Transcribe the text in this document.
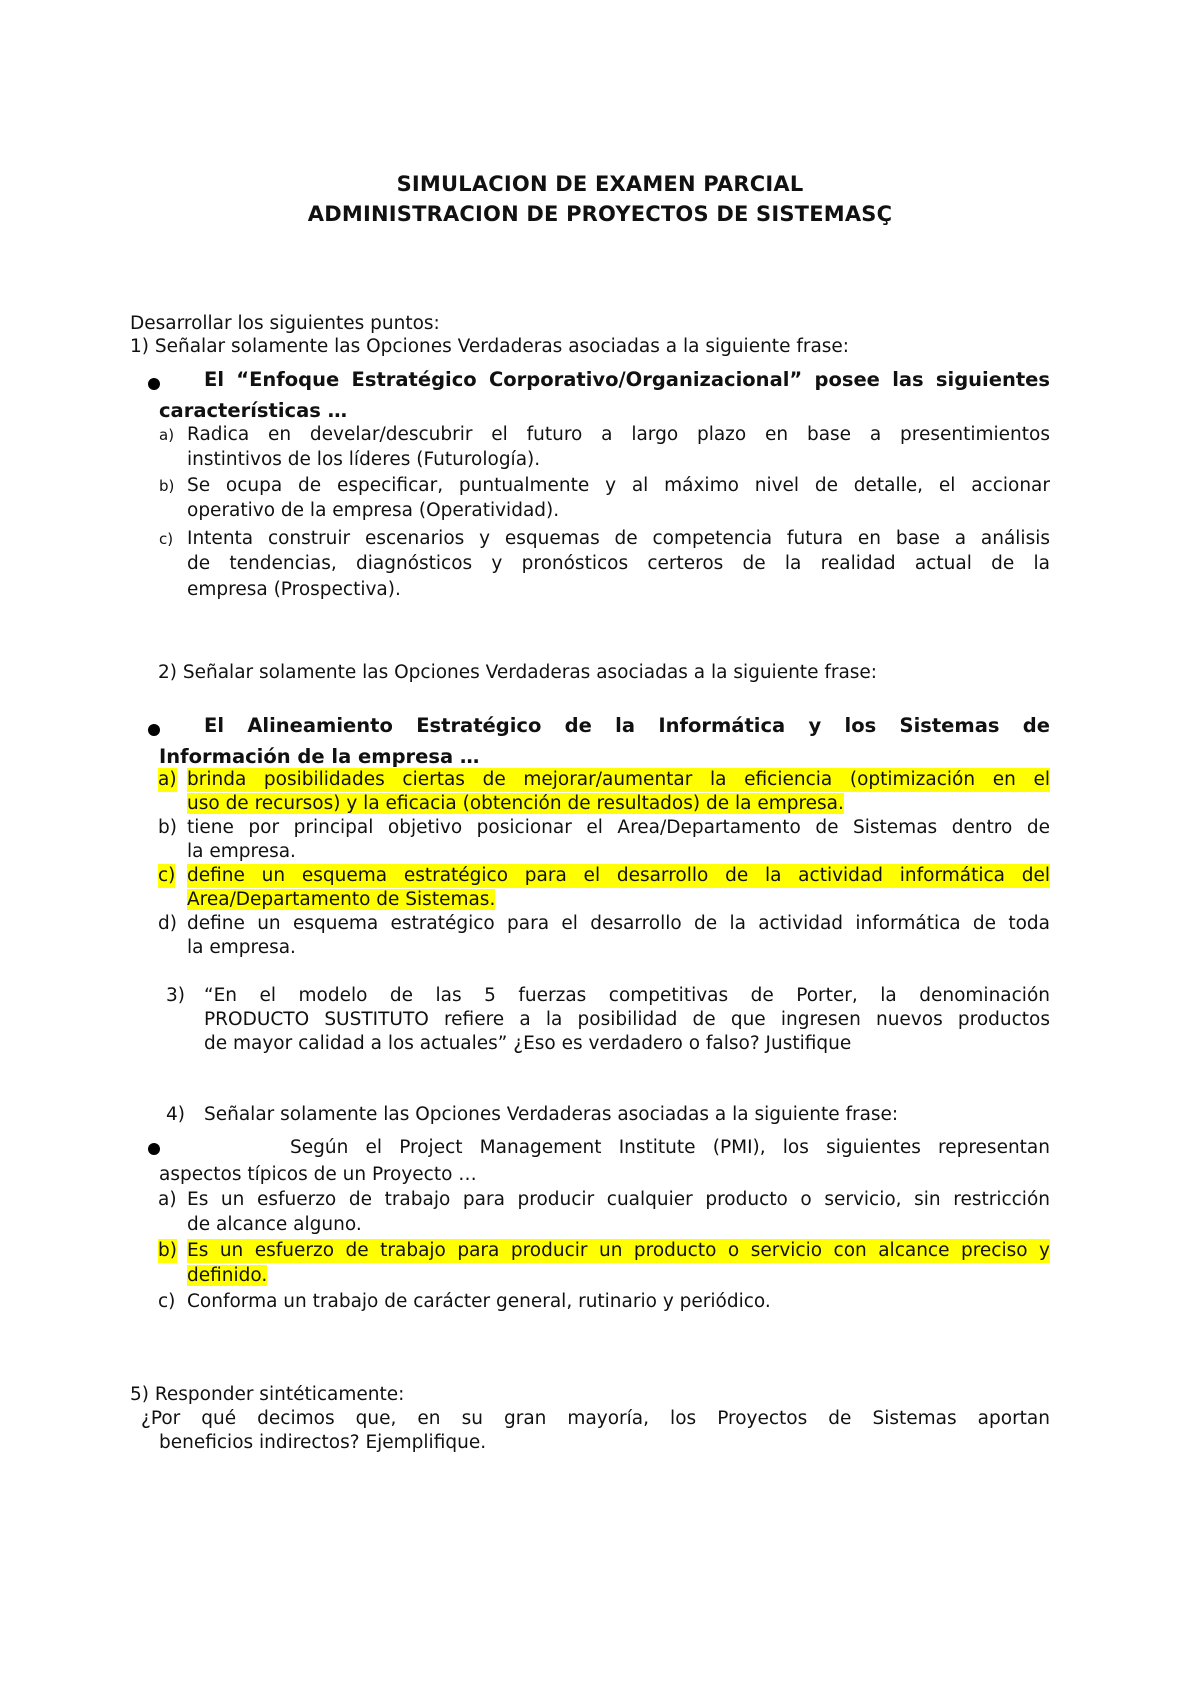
SIMULACION DE EXAMEN PARCIAL
ADMINISTRACION DE PROYECTOS DE SISTEMASÇ
Desarrollar los siguientes puntos:
1) Señalar solamente las Opciones Verdaderas asociadas a la siguiente frase:
El “Enfoque Estratégico Corporativo/Organizacional” posee las siguientes
características …
a) Radica en develar/descubrir el futuro a largo plazo en base a presentimientos
instintivos de los líderes (Futurología).
b) Se ocupa de especificar, puntualmente y al máximo nivel de detalle, el accionar
operativo de la empresa (Operatividad).
c) Intenta construir escenarios y esquemas de competencia futura en base a análisis
de tendencias, diagnósticos y pronósticos certeros de la realidad actual de la
empresa (Prospectiva).
2) Señalar solamente las Opciones Verdaderas asociadas a la siguiente frase:
El Alineamiento Estratégico de la Informática y los Sistemas de
Información de la empresa …
a) brinda posibilidades ciertas de mejorar/aumentar la eficiencia (optimización en el
uso de recursos) y la eficacia (obtención de resultados) de la empresa.
b) tiene por principal objetivo posicionar el Area/Departamento de Sistemas dentro de
la empresa.
c) define un esquema estratégico para el desarrollo de la actividad informática del
Area/Departamento de Sistemas.
d) define un esquema estratégico para el desarrollo de la actividad informática de toda
la empresa.
3) “En el modelo de las 5 fuerzas competitivas de Porter, la denominación
PRODUCTO SUSTITUTO refiere a la posibilidad de que ingresen nuevos productos
de mayor calidad a los actuales” ¿Eso es verdadero o falso? Justifique
4) Señalar solamente las Opciones Verdaderas asociadas a la siguiente frase:
Según el Project Management Institute (PMI), los siguientes representan
aspectos típicos de un Proyecto …
a) Es un esfuerzo de trabajo para producir cualquier producto o servicio, sin restricción
de alcance alguno.
b) Es un esfuerzo de trabajo para producir un producto o servicio con alcance preciso y
definido.
c) Conforma un trabajo de carácter general, rutinario y periódico.
5) Responder sintéticamente:
¿Por qué decimos que, en su gran mayoría, los Proyectos de Sistemas aportan
beneficios indirectos? Ejemplifique.
